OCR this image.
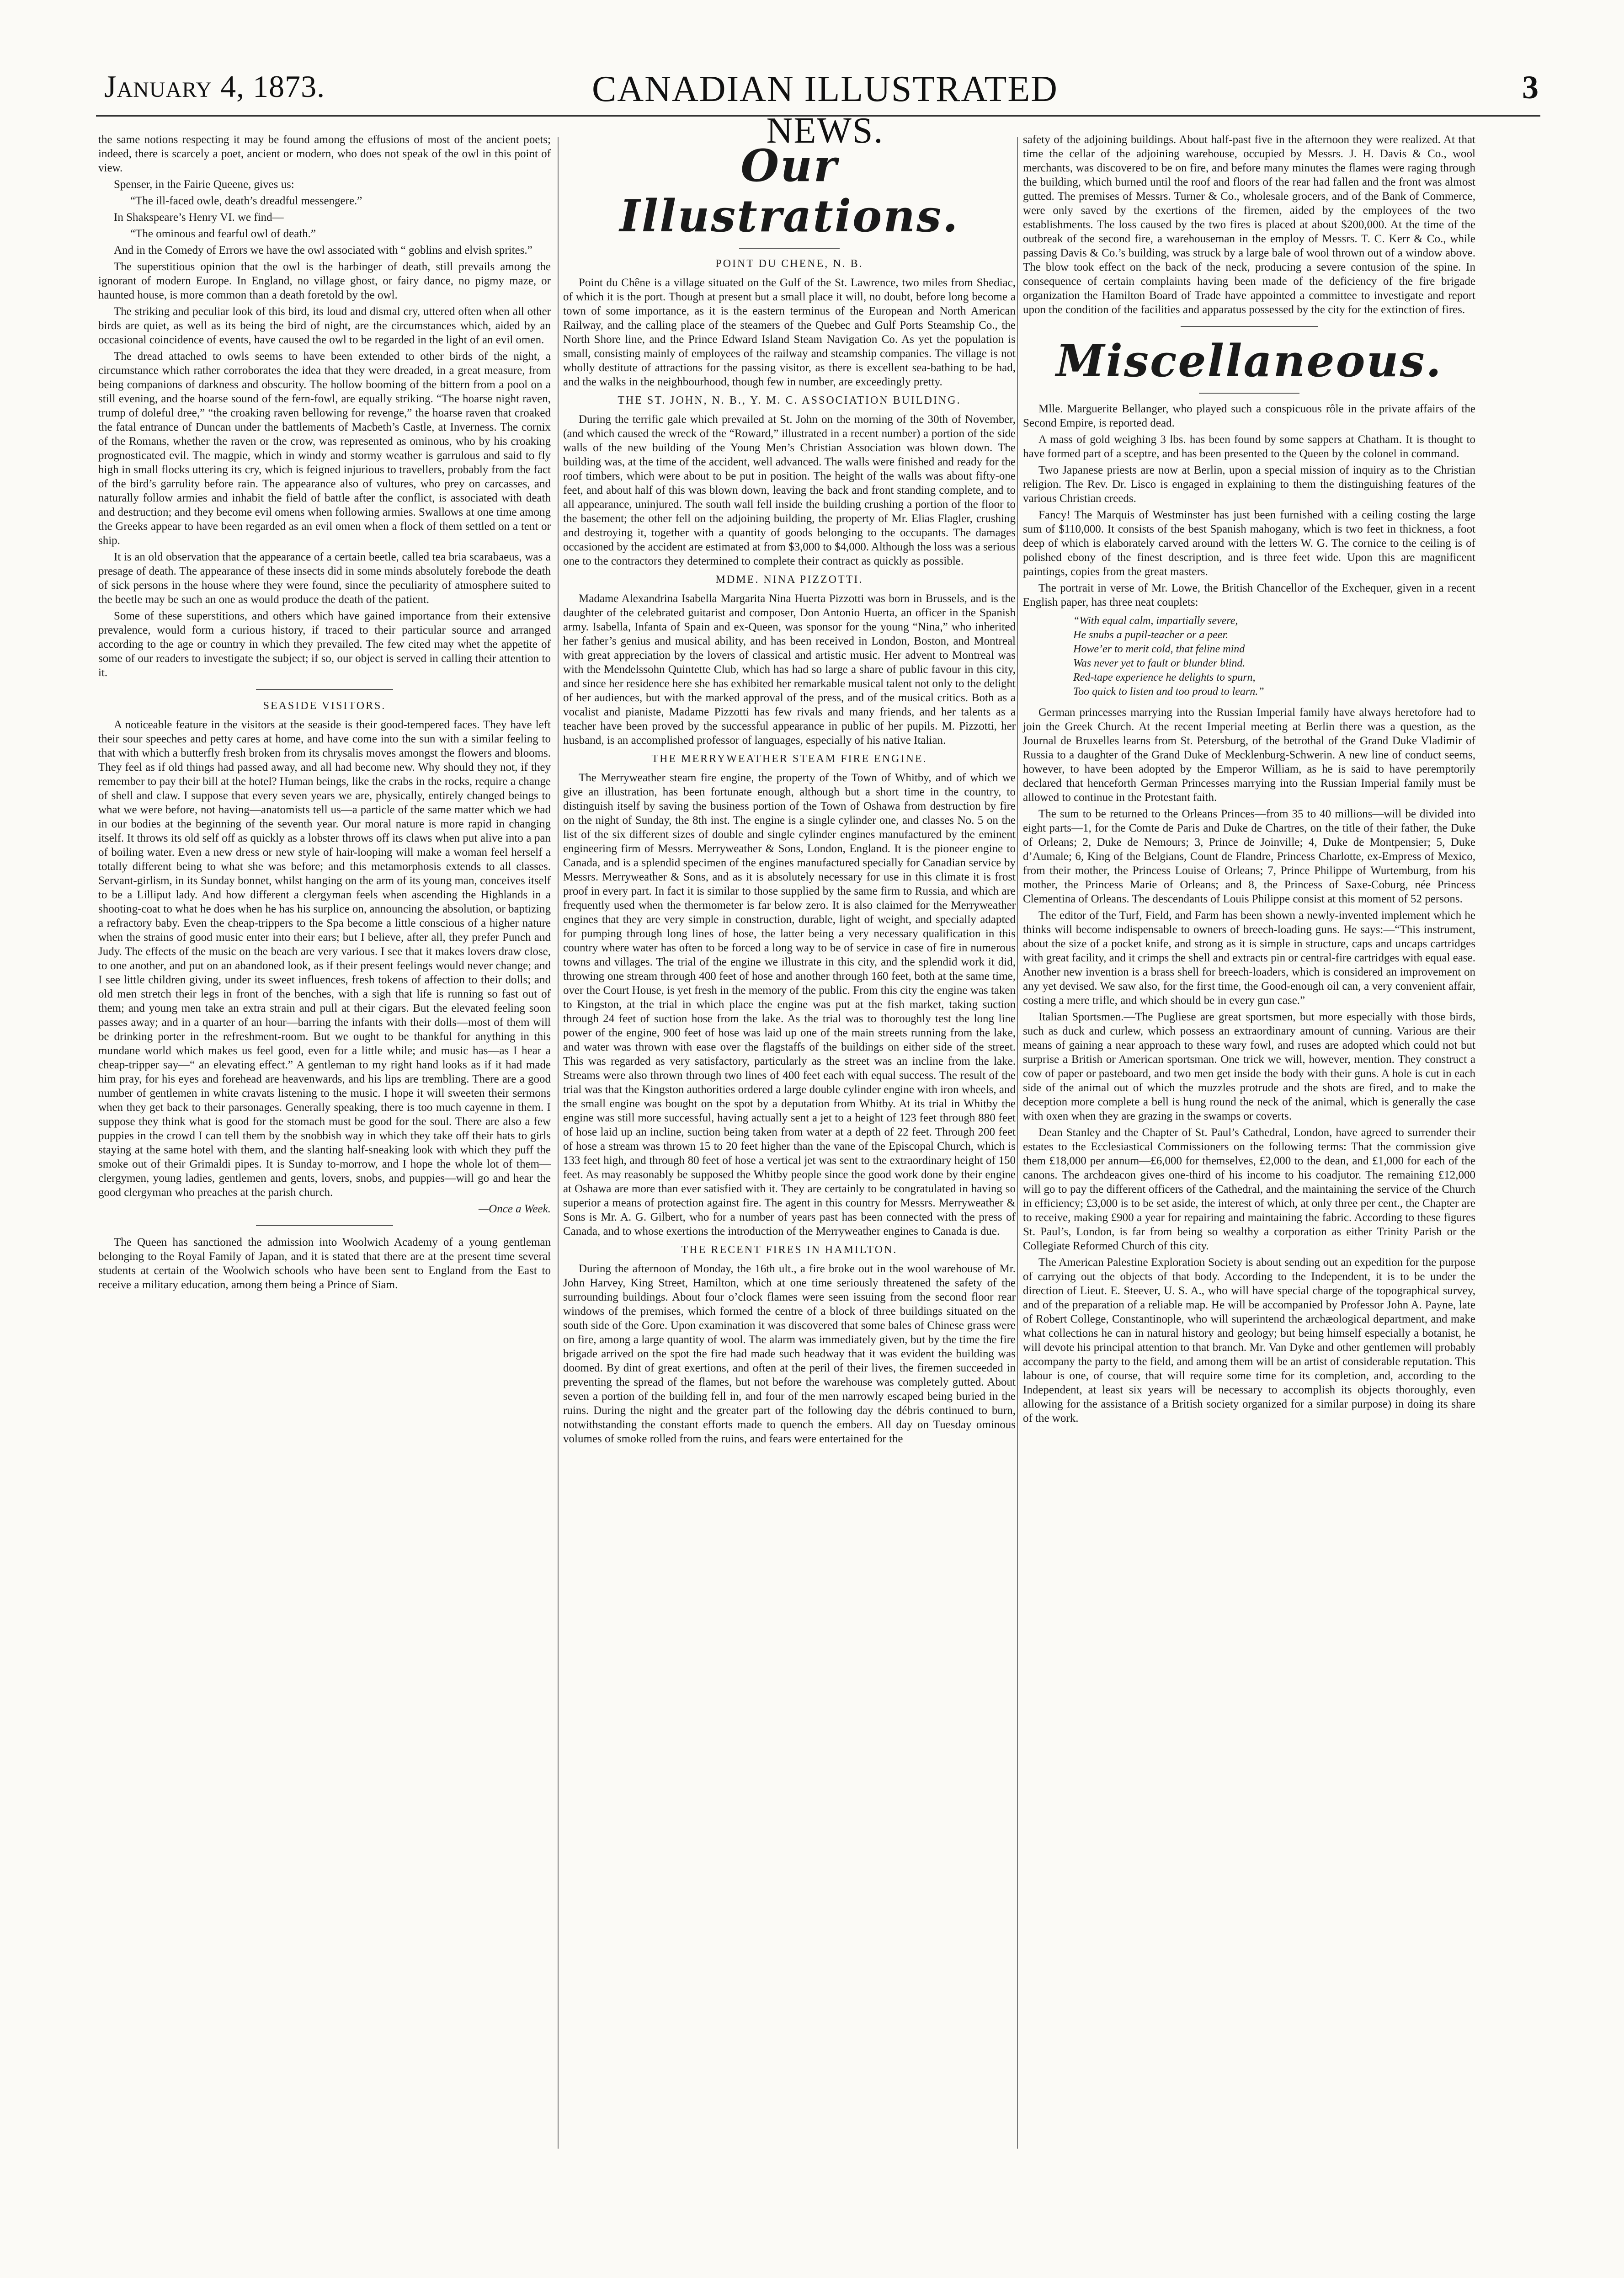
January 4, 1873.	CANADIAN ILLUSTRATED NEWS.
3

the same notions respecting it may be found among the effusions of most of the ancient poets; indeed, there is scarcely a poet, ancient or modern, who does not speak of the owl in this point of view.

Spenser, in the Fairie Queene, gives us:

“The ill-faced owle, death’s dreadful messengere.”

In Shakspeare’s Henry VI. we find—

“The ominous and fearful owl of death.”

And in the Comedy of Errors we have the owl associated with “ goblins and elvish sprites.”

The superstitious opinion that the owl is the harbinger of death, still prevails among the ignorant of modern Europe. In England, no village ghost, or fairy dance, no pigmy maze, or haunted house, is more common than a death foretold by the owl.

The striking and peculiar look of this bird, its loud and dismal cry, uttered often when all other birds are quiet, as well as its being the bird of night, are the circumstances which, aided by an occasional coincidence of events, have caused the owl to be regarded in the light of an evil omen.

The dread attached to owls seems to have been extended to other birds of the night, a circumstance which rather corroborates the idea that they were dreaded, in a great measure, from being companions of darkness and obscurity. The hollow booming of the bittern from a pool on a still evening, and the hoarse sound of the fern-fowl, are equally striking. “The hoarse night raven, trump of doleful dree,” “the croaking raven bellowing for revenge,” the hoarse raven that croaked the fatal entrance of Duncan under the battlements of Macbeth’s Castle, at Inverness. The cornix of the Romans, whether the raven or the crow, was represented as ominous, who by his croaking prognosticated evil. The magpie, which in windy and stormy weather is garrulous and said to fly high in small flocks uttering its cry, which is feigned injurious to travellers, probably from the fact of the bird’s garrulity before rain. The appearance also of vultures, who prey on carcasses, and naturally follow armies and inhabit the field of battle after the conflict, is associated with death and destruction; and they become evil omens when following armies. Swallows at one time among the Greeks appear to have been regarded as an evil omen when a flock of them settled on a tent or ship.

It is an old observation that the appearance of a certain beetle, called tea bria scarabaeus, was a presage of death. The appearance of these insects did in some minds absolutely forebode the death of sick persons in the house where they were found, since the peculiarity of atmosphere suited to the beetle may be such an one as would produce the death of the patient.

Some of these superstitions, and others which have gained importance from their extensive prevalence, would form a curious history, if traced to their particular source and arranged according to the age or country in which they prevailed. The few cited may whet the appetite of some of our readers to investigate the subject; if so, our object is served in calling their attention to it.

SEASIDE VISITORS.

A noticeable feature in the visitors at the seaside is their good-tempered faces. They have left their sour speeches and petty cares at home, and have come into the sun with a similar feeling to that with which a butterfly fresh broken from its chrysalis moves amongst the flowers and blooms. They feel as if old things had passed away, and all had become new. Why should they not, if they remember to pay their bill at the hotel? Human beings, like the crabs in the rocks, require a change of shell and claw. I suppose that every seven years we are, physically, entirely changed beings to what we were before, not having—anatomists tell us—a particle of the same matter which we had in our bodies at the beginning of the seventh year. Our moral nature is more rapid in changing itself. It throws its old self off as quickly as a lobster throws off its claws when put alive into a pan of boiling water. Even a new dress or new style of hair-looping will make a woman feel herself a totally different being to what she was before; and this metamorphosis extends to all classes. Servant-girlism, in its Sunday bonnet, whilst hanging on the arm of its young man, conceives itself to be a Lilliput lady. And how different a clergyman feels when ascending the Highlands in a shooting-coat to what he does when he has his surplice on, announcing the absolution, or baptizing a refractory baby. Even the cheap-trippers to the Spa become a little conscious of a higher nature when the strains of good music enter into their ears; but I believe, after all, they prefer Punch and Judy. The effects of the music on the beach are very various. I see that it makes lovers draw close, to one another, and put on an abandoned look, as if their present feelings would never change; and I see little children giving, under its sweet influences, fresh tokens of affection to their dolls; and old men stretch their legs in front of the benches, with a sigh that life is running so fast out of them; and young men take an extra strain and pull at their cigars. But the elevated feeling soon passes away; and in a quarter of an hour—barring the infants with their dolls—most of them will be drinking porter in the refreshment-room. But we ought to be thankful for anything in this mundane world which makes us feel good, even for a little while; and music has—as I hear a cheap-tripper say—“ an elevating effect.” A gentleman to my right hand looks as if it had made him pray, for his eyes and forehead are heavenwards, and his lips are trembling. There are a good number of gentlemen in white cravats listening to the music. I hope it will sweeten their sermons when they get back to their parsonages. Generally speaking, there is too much cayenne in them. I suppose they think what is good for the stomach must be good for the soul. There are also a few puppies in the crowd I can tell them by the snobbish way in which they take off their hats to girls staying at the same hotel with them, and the slanting half-sneaking look with which they puff the smoke out of their Grimaldi pipes. It is Sunday to-morrow, and I hope the whole lot of them—clergymen, young ladies, gentlemen and gents, lovers, snobs, and puppies—will go and hear the good clergyman who preaches at the parish church.

—Once a Week.

The Queen has sanctioned the admission into Woolwich Academy of a young gentleman belonging to the Royal Family of Japan, and it is stated that there are at the present time several students at certain of the Woolwich schools who have been sent to England from the East to receive a military education, among them being a Prince of Siam.

Our Illustrations.
POINT DU CHENE, N. B.

Point du Chêne is a village situated on the Gulf of the St. Lawrence, two miles from Shediac, of which it is the port. Though at present but a small place it will, no doubt, before long become a town of some importance, as it is the eastern terminus of the European and North American Railway, and the calling place of the steamers of the Quebec and Gulf Ports Steamship Co., the North Shore line, and the Prince Edward Island Steam Navigation Co. As yet the population is small, consisting mainly of employees of the railway and steamship companies. The village is not wholly destitute of attractions for the passing visitor, as there is excellent sea-bathing to be had, and the walks in the neighbourhood, though few in number, are exceedingly pretty.

THE ST. JOHN, N. B., Y. M. C. ASSOCIATION BUILDING.

During the terrific gale which prevailed at St. John on the morning of the 30th of November, (and which caused the wreck of the “Roward,” illustrated in a recent number) a portion of the side walls of the new building of the Young Men’s Christian Association was blown down. The building was, at the time of the accident, well advanced. The walls were finished and ready for the roof timbers, which were about to be put in position. The height of the walls was about fifty-one feet, and about half of this was blown down, leaving the back and front standing complete, and to all appearance, uninjured. The south wall fell inside the building crushing a portion of the floor to the basement; the other fell on the adjoining building, the property of Mr. Elias Flagler, crushing and destroying it, together with a quantity of goods belonging to the occupants. The damages occasioned by the accident are estimated at from $3,000 to $4,000. Although the loss was a serious one to the contractors they determined to complete their contract as quickly as possible.

MDME. NINA PIZZOTTI.

Madame Alexandrina Isabella Margarita Nina Huerta Pizzotti was born in Brussels, and is the daughter of the celebrated guitarist and composer, Don Antonio Huerta, an officer in the Spanish army. Isabella, Infanta of Spain and ex-Queen, was sponsor for the young “Nina,” who inherited her father’s genius and musical ability, and has been received in London, Boston, and Montreal with great appreciation by the lovers of classical and artistic music. Her advent to Montreal was with the Mendelssohn Quintette Club, which has had so large a share of public favour in this city, and since her residence here she has exhibited her remarkable musical talent not only to the delight of her audiences, but with the marked approval of the press, and of the musical critics. Both as a vocalist and pianiste, Madame Pizzotti has few rivals and many friends, and her talents as a teacher have been proved by the successful appearance in public of her pupils. M. Pizzotti, her husband, is an accomplished professor of languages, especially of his native Italian.

THE MERRYWEATHER STEAM FIRE ENGINE.

The Merryweather steam fire engine, the property of the Town of Whitby, and of which we give an illustration, has been fortunate enough, although but a short time in the country, to distinguish itself by saving the business portion of the Town of Oshawa from destruction by fire on the night of Sunday, the 8th inst. The engine is a single cylinder one, and classes No. 5 on the list of the six different sizes of double and single cylinder engines manufactured by the eminent engineering firm of Messrs. Merryweather & Sons, London, England. It is the pioneer engine to Canada, and is a splendid specimen of the engines manufactured specially for Canadian service by Messrs. Merryweather & Sons, and as it is absolutely necessary for use in this climate it is frost proof in every part. In fact it is similar to those supplied by the same firm to Russia, and which are frequently used when the thermometer is far below zero. It is also claimed for the Merryweather engines that they are very simple in construction, durable, light of weight, and specially adapted for pumping through long lines of hose, the latter being a very necessary qualification in this country where water has often to be forced a long way to be of service in case of fire in numerous towns and villages. The trial of the engine we illustrate in this city, and the splendid work it did, throwing one stream through 400 feet of hose and another through 160 feet, both at the same time, over the Court House, is yet fresh in the memory of the public. From this city the engine was taken to Kingston, at the trial in which place the engine was put at the fish market, taking suction through 24 feet of suction hose from the lake. As the trial was to thoroughly test the long line power of the engine, 900 feet of hose was laid up one of the main streets running from the lake, and water was thrown with ease over the flagstaffs of the buildings on either side of the street. This was regarded as very satisfactory, particularly as the street was an incline from the lake. Streams were also thrown through two lines of 400 feet each with equal success. The result of the trial was that the Kingston authorities ordered a large double cylinder engine with iron wheels, and the small engine was bought on the spot by a deputation from Whitby. At its trial in Whitby the engine was still more successful, having actually sent a jet to a height of 123 feet through 880 feet of hose laid up an incline, suction being taken from water at a depth of 22 feet. Through 200 feet of hose a stream was thrown 15 to 20 feet higher than the vane of the Episcopal Church, which is 133 feet high, and through 80 feet of hose a vertical jet was sent to the extraordinary height of 150 feet. As may reasonably be supposed the Whitby people since the good work done by their engine at Oshawa are more than ever satisfied with it. They are certainly to be congratulated in having so superior a means of protection against fire. The agent in this country for Messrs. Merryweather & Sons is Mr. A. G. Gilbert, who for a number of years past has been connected with the press of Canada, and to whose exertions the introduction of the Merryweather engines to Canada is due.

THE RECENT FIRES IN HAMILTON.

During the afternoon of Monday, the 16th ult., a fire broke out in the wool warehouse of Mr. John Harvey, King Street, Hamilton, which at one time seriously threatened the safety of the surrounding buildings. About four o’clock flames were seen issuing from the second floor rear windows of the premises, which formed the centre of a block of three buildings situated on the south side of the Gore. Upon examination it was discovered that some bales of Chinese grass were on fire, among a large quantity of wool. The alarm was immediately given, but by the time the fire brigade arrived on the spot the fire had made such headway that it was evident the building was doomed. By dint of great exertions, and often at the peril of their lives, the firemen succeeded in preventing the spread of the flames, but not before the warehouse was completely gutted. About seven a portion of the building fell in, and four of the men narrowly escaped being buried in the ruins. During the night and the greater part of the following day the débris continued to burn, notwithstanding the constant efforts made to quench the embers. All day on Tuesday ominous volumes of smoke rolled from the ruins, and fears were entertained for the

safety of the adjoining buildings. About half-past five in the afternoon they were realized. At that time the cellar of the adjoining warehouse, occupied by Messrs. J. H. Davis & Co., wool merchants, was discovered to be on fire, and before many minutes the flames were raging through the building, which burned until the roof and floors of the rear had fallen and the front was almost gutted. The premises of Messrs. Turner & Co., wholesale grocers, and of the Bank of Commerce, were only saved by the exertions of the firemen, aided by the employees of the two establishments. The loss caused by the two fires is placed at about $200,000. At the time of the outbreak of the second fire, a warehouseman in the employ of Messrs. T. C. Kerr & Co., while passing Davis & Co.’s building, was struck by a large bale of wool thrown out of a window above. The blow took effect on the back of the neck, producing a severe contusion of the spine. In consequence of certain complaints having been made of the deficiency of the fire brigade organization the Hamilton Board of Trade have appointed a committee to investigate and report upon the condition of the facilities and apparatus possessed by the city for the extinction of fires.

Miscellaneous.

Mlle. Marguerite Bellanger, who played such a conspicuous rôle in the private affairs of the Second Empire, is reported dead.

A mass of gold weighing 3 lbs. has been found by some sappers at Chatham. It is thought to have formed part of a sceptre, and has been presented to the Queen by the colonel in command.

Two Japanese priests are now at Berlin, upon a special mission of inquiry as to the Christian religion. The Rev. Dr. Lisco is engaged in explaining to them the distinguishing features of the various Christian creeds.

Fancy! The Marquis of Westminster has just been furnished with a ceiling costing the large sum of $110,000. It consists of the best Spanish mahogany, which is two feet in thickness, a foot deep of which is elaborately carved around with the letters W. G. The cornice to the ceiling is of polished ebony of the finest description, and is three feet wide. Upon this are magnificent paintings, copies from the great masters.

The portrait in verse of Mr. Lowe, the British Chancellor of the Exchequer, given in a recent English paper, has three neat couplets:

“With equal calm, impartially severe,
He snubs a pupil-teacher or a peer.
Howe’er to merit cold, that feline mind
Was never yet to fault or blunder blind.
Red-tape experience he delights to spurn,
Too quick to listen and too proud to learn.”

German princesses marrying into the Russian Imperial family have always heretofore had to join the Greek Church. At the recent Imperial meeting at Berlin there was a question, as the Journal de Bruxelles learns from St. Petersburg, of the betrothal of the Grand Duke Vladimir of Russia to a daughter of the Grand Duke of Mecklenburg-Schwerin. A new line of conduct seems, however, to have been adopted by the Emperor William, as he is said to have peremptorily declared that henceforth German Princesses marrying into the Russian Imperial family must be allowed to continue in the Protestant faith.

The sum to be returned to the Orleans Princes—from 35 to 40 millions—will be divided into eight parts—1, for the Comte de Paris and Duke de Chartres, on the title of their father, the Duke of Orleans; 2, Duke de Nemours; 3, Prince de Joinville; 4, Duke de Montpensier; 5, Duke d’Aumale; 6, King of the Belgians, Count de Flandre, Princess Charlotte, ex-Empress of Mexico, from their mother, the Princess Louise of Orleans; 7, Prince Philippe of Wurtemburg, from his mother, the Princess Marie of Orleans; and 8, the Princess of Saxe-Coburg, née Princess Clementina of Orleans. The descendants of Louis Philippe consist at this moment of 52 persons.

The editor of the Turf, Field, and Farm has been shown a newly-invented implement which he thinks will become indispensable to owners of breech-loading guns. He says:—“This instrument, about the size of a pocket knife, and strong as it is simple in structure, caps and uncaps cartridges with great facility, and it crimps the shell and extracts pin or central-fire cartridges with equal ease. Another new invention is a brass shell for breech-loaders, which is considered an improvement on any yet devised. We saw also, for the first time, the Good-enough oil can, a very convenient affair, costing a mere trifle, and which should be in every gun case.”

Italian Sportsmen.—The Pugliese are great sportsmen, but more especially with those birds, such as duck and curlew, which possess an extraordinary amount of cunning. Various are their means of gaining a near approach to these wary fowl, and ruses are adopted which could not but surprise a British or American sportsman. One trick we will, however, mention. They construct a cow of paper or pasteboard, and two men get inside the body with their guns. A hole is cut in each side of the animal out of which the muzzles protrude and the shots are fired, and to make the deception more complete a bell is hung round the neck of the animal, which is generally the case with oxen when they are grazing in the swamps or coverts.

Dean Stanley and the Chapter of St. Paul’s Cathedral, London, have agreed to surrender their estates to the Ecclesiastical Commissioners on the following terms: That the commission give them £18,000 per annum—£6,000 for themselves, £2,000 to the dean, and £1,000 for each of the canons. The archdeacon gives one-third of his income to his coadjutor. The remaining £12,000 will go to pay the different officers of the Cathedral, and the maintaining the service of the Church in efficiency; £3,000 is to be set aside, the interest of which, at only three per cent., the Chapter are to receive, making £900 a year for repairing and maintaining the fabric. According to these figures St. Paul’s, London, is far from being so wealthy a corporation as either Trinity Parish or the Collegiate Reformed Church of this city.

The American Palestine Exploration Society is about sending out an expedition for the purpose of carrying out the objects of that body. According to the Independent, it is to be under the direction of Lieut. E. Steever, U. S. A., who will have special charge of the topographical survey, and of the preparation of a reliable map. He will be accompanied by Professor John A. Payne, late of Robert College, Constantinople, who will superintend the archæological department, and make what collections he can in natural history and geology; but being himself especially a botanist, he will devote his principal attention to that branch. Mr. Van Dyke and other gentlemen will probably accompany the party to the field, and among them will be an artist of considerable reputation. This labour is one, of course, that will require some time for its completion, and, according to the Independent, at least six years will be necessary to accomplish its objects thoroughly, even allowing for the assistance of a British society organized for a similar purpose) in doing its share of the work.
